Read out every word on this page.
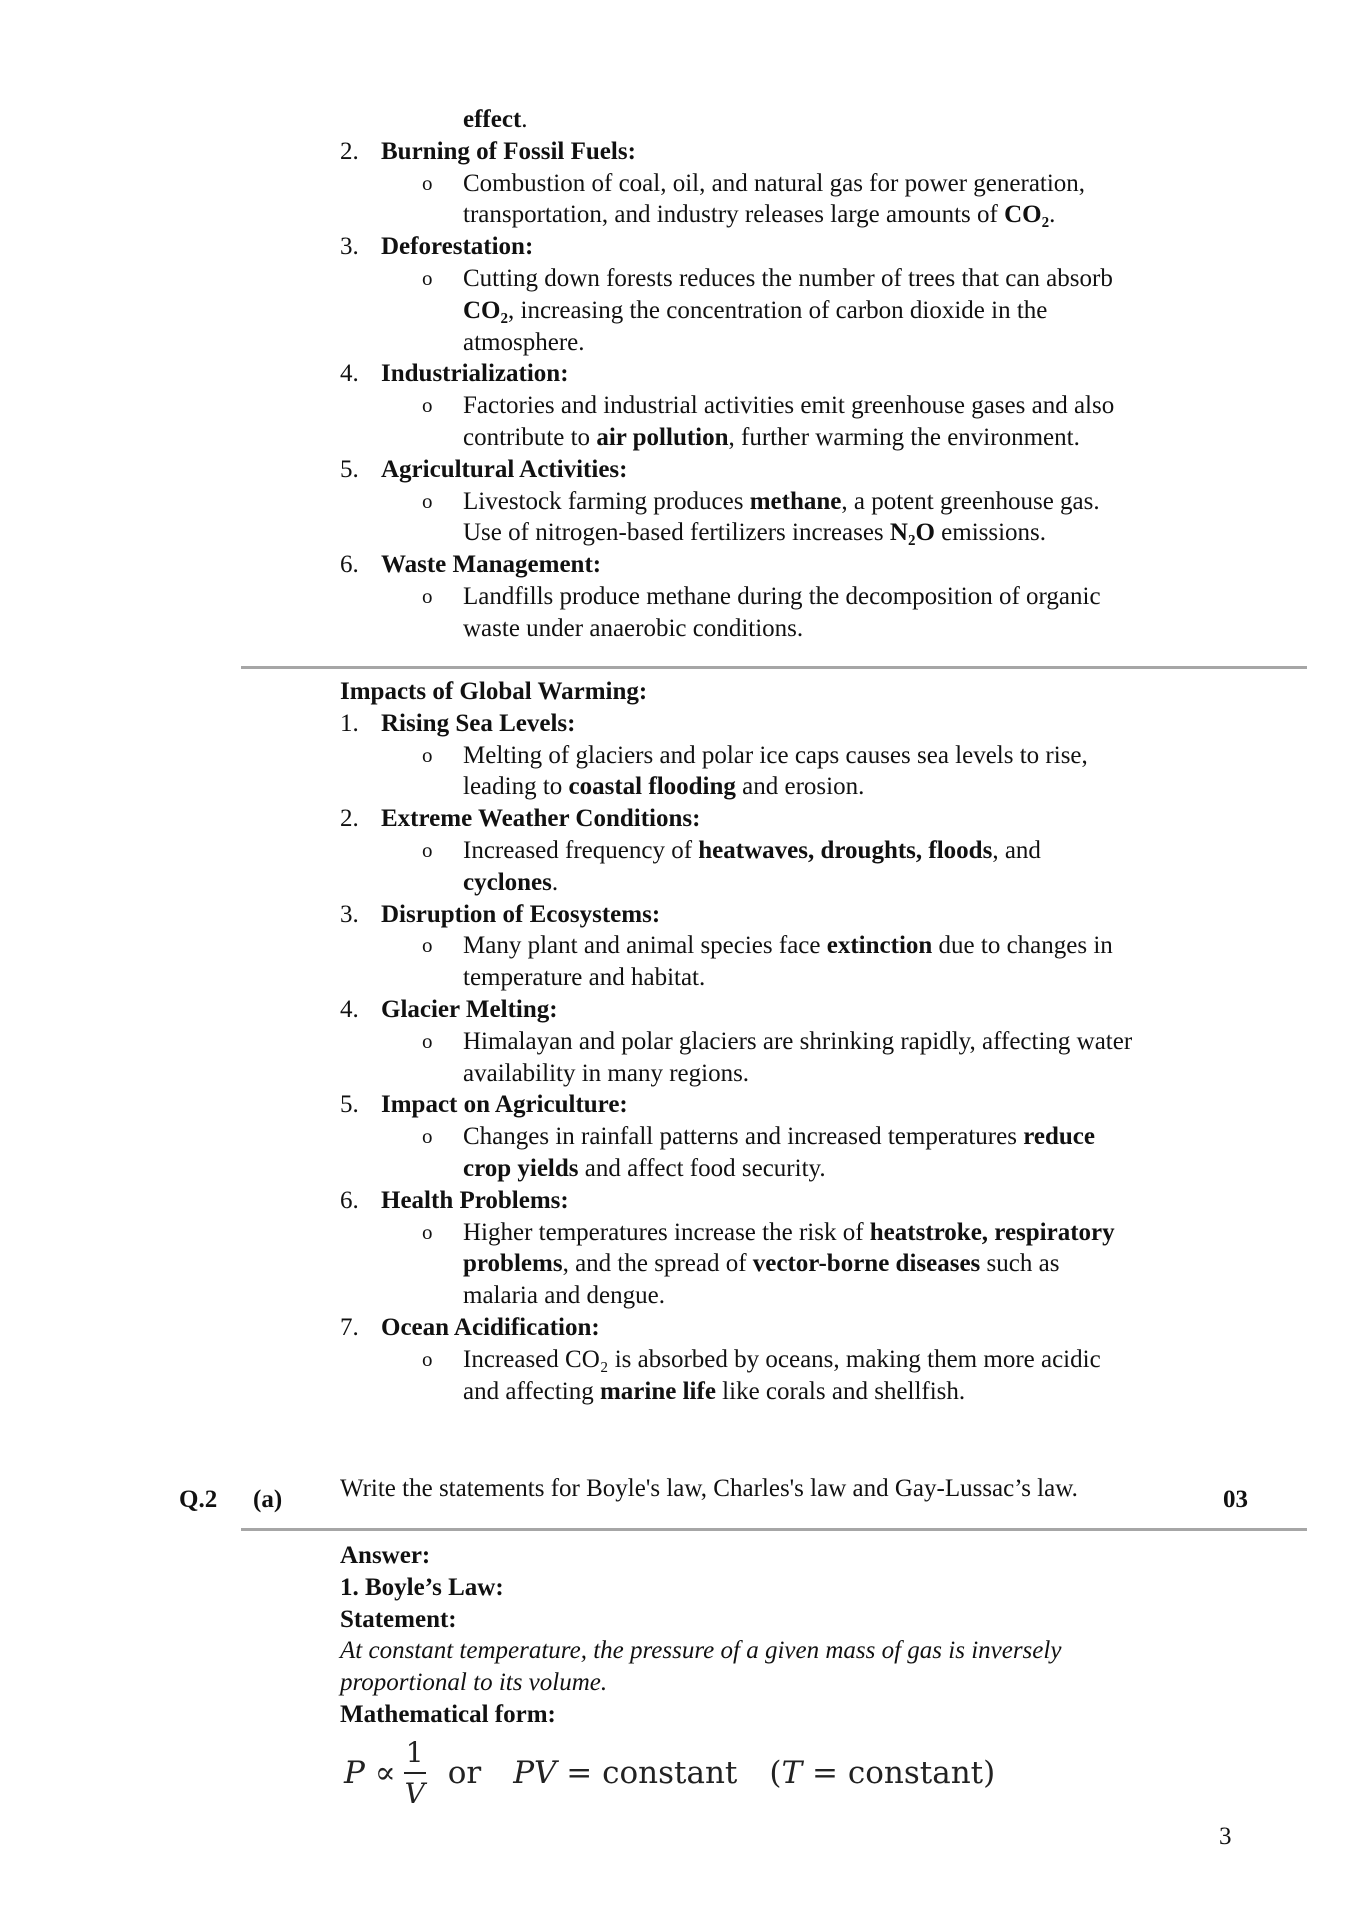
effect.
2. Burning of Fossil Fuels:
o Combustion of coal, oil, and natural gas for power generation,
transportation, and industry releases large amounts of CO₂.
3. Deforestation:
o Cutting down forests reduces the number of trees that can absorb
CO₂, increasing the concentration of carbon dioxide in the
atmosphere.
4. Industrialization:
o Factories and industrial activities emit greenhouse gases and also
contribute to air pollution, further warming the environment.
5. Agricultural Activities:
o Livestock farming produces methane, a potent greenhouse gas.
Use of nitrogen-based fertilizers increases N₂O emissions.
6. Waste Management:
o Landfills produce methane during the decomposition of organic
waste under anaerobic conditions.
Impacts of Global Warming:
1. Rising Sea Levels:
o Melting of glaciers and polar ice caps causes sea levels to rise,
leading to coastal flooding and erosion.
2. Extreme Weather Conditions:
o Increased frequency of heatwaves, droughts, floods, and
cyclones.
3. Disruption of Ecosystems:
o Many plant and animal species face extinction due to changes in
temperature and habitat.
4. Glacier Melting:
o Himalayan and polar glaciers are shrinking rapidly, affecting water
availability in many regions.
5. Impact on Agriculture:
o Changes in rainfall patterns and increased temperatures reduce
crop yields and affect food security.
6. Health Problems:
o Higher temperatures increase the risk of heatstroke, respiratory
problems, and the spread of vector-borne diseases such as
malaria and dengue.
7. Ocean Acidification:
o Increased CO₂ is absorbed by oceans, making them more acidic
and affecting marine life like corals and shellfish.
Q.2 (a) Write the statements for Boyle's law, Charles's law and Gay-Lussac’s law.	03
Answer:
1. Boyle’s Law:
Statement:
At constant temperature, the pressure of a given mass of gas is inversely
proportional to its volume.
Mathematical form:
$P \propto \frac{1}{V}$ or PV = constant ( T = constant)
3
